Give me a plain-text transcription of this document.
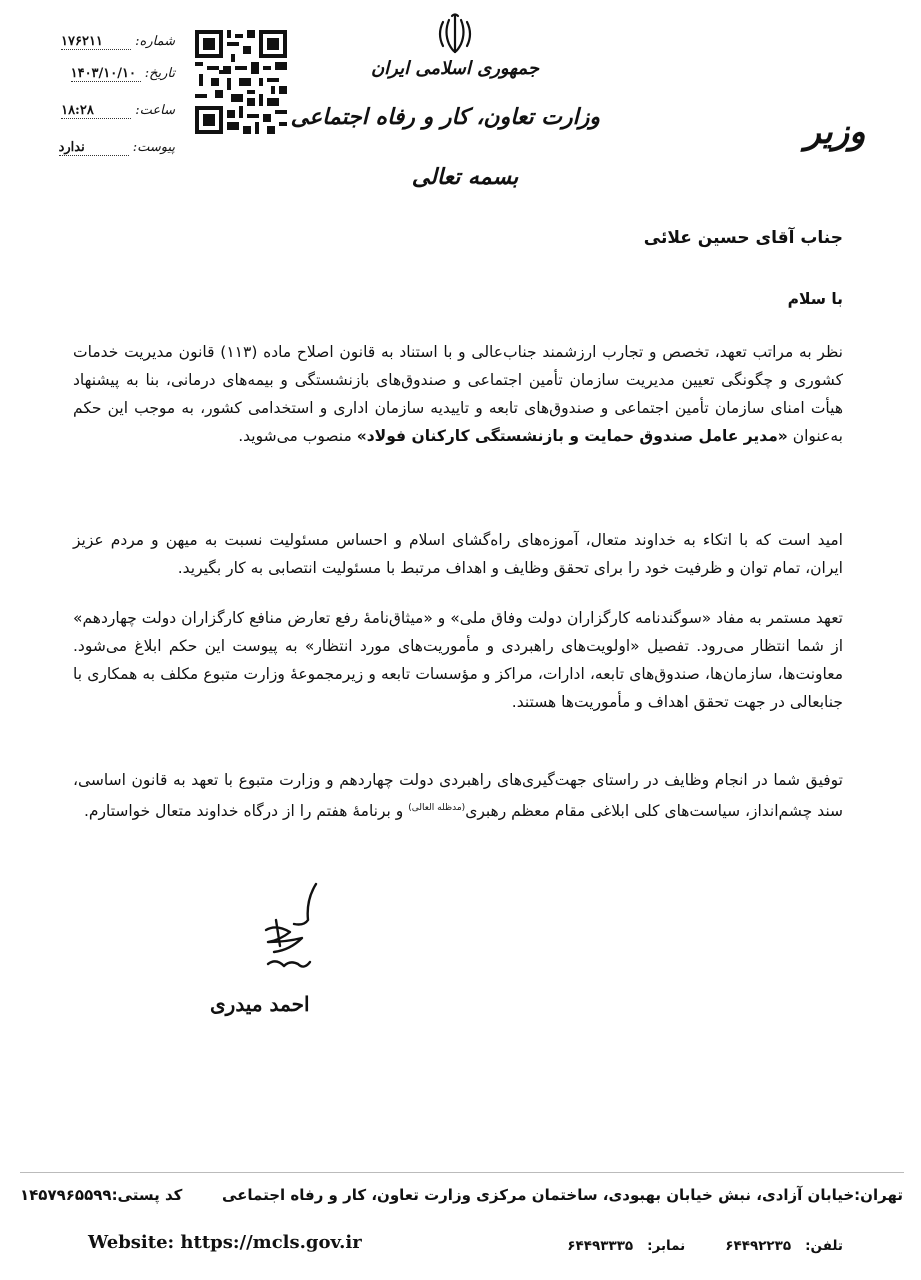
شماره: ۱۷۶۲۱۱
تاریخ: ۱۴۰۳/۱۰/۱۰
ساعت: ۱۸:۲۸
پیوست: ندارد
جمهوری اسلامی ایران
وزارت تعاون، کار و رفاه اجتماعی
بسمه تعالی
وزیر
جناب آقای حسین علائی
با سلام
نظر به مراتب تعهد، تخصص و تجارب ارزشمند جناب‌عالی و با استناد به قانون اصلاح ماده (۱۱۳) قانون مدیریت خدمات کشوری و چگونگی تعیین مدیریت سازمان تأمین اجتماعی و صندوق‌های بازنشستگی و بیمه‌های درمانی، بنا به پیشنهاد هیأت امنای سازمان تأمین اجتماعی و صندوق‌های تابعه و تاییدیه سازمان اداری و استخدامی کشور، به موجب این حکم به‌عنوان «مدیر عامل صندوق حمایت و بازنشستگی کارکنان فولاد» منصوب می‌شوید.
امید است که با اتکاء به خداوند متعال، آموزه‌های راه‌گشای اسلام و احساس مسئولیت نسبت به میهن و مردم عزیز ایران، تمام توان و ظرفیت خود را برای تحقق وظایف و اهداف مرتبط با مسئولیت انتصابی به کار بگیرید.
تعهد مستمر به مفاد «سوگندنامه کارگزاران دولت وفاق ملی» و «میثاق‌نامهٔ رفع تعارض منافع کارگزاران دولت چهاردهم» از شما انتظار می‌رود. تفصیل «اولویت‌های راهبردی و مأموریت‌های مورد انتظار» به پیوست این حکم ابلاغ می‌شود. معاونت‌ها، سازمان‌ها، صندوق‌های تابعه، ادارات، مراکز و مؤسسات تابعه و زیرمجموعهٔ وزارت متبوع مکلف به همکاری با جنابعالی در جهت تحقق اهداف و مأموریت‌ها هستند.
توفیق شما در انجام وظایف در راستای جهت‌گیری‌های راهبردی دولت چهاردهم و وزارت متبوع با تعهد به قانون اساسی، سند چشم‌انداز، سیاست‌های کلی ابلاغی مقام معظم رهبری$^{(مدظله العالی)}$ و برنامهٔ هفتم را از درگاه خداوند متعال خواستارم.
احمد میدری
تهران:خیابان آزادی، نبش خیابان بهبودی، ساختمان مرکزی وزارت تعاون، کار و رفاه اجتماعی
کد پستی:۱۴۵۷۹۶۵۵۹۹
Website: https://mcls.gov.ir	تلفن:۶۴۴۹۲۲۳۵نمابر:۶۴۴۹۳۳۳۵
